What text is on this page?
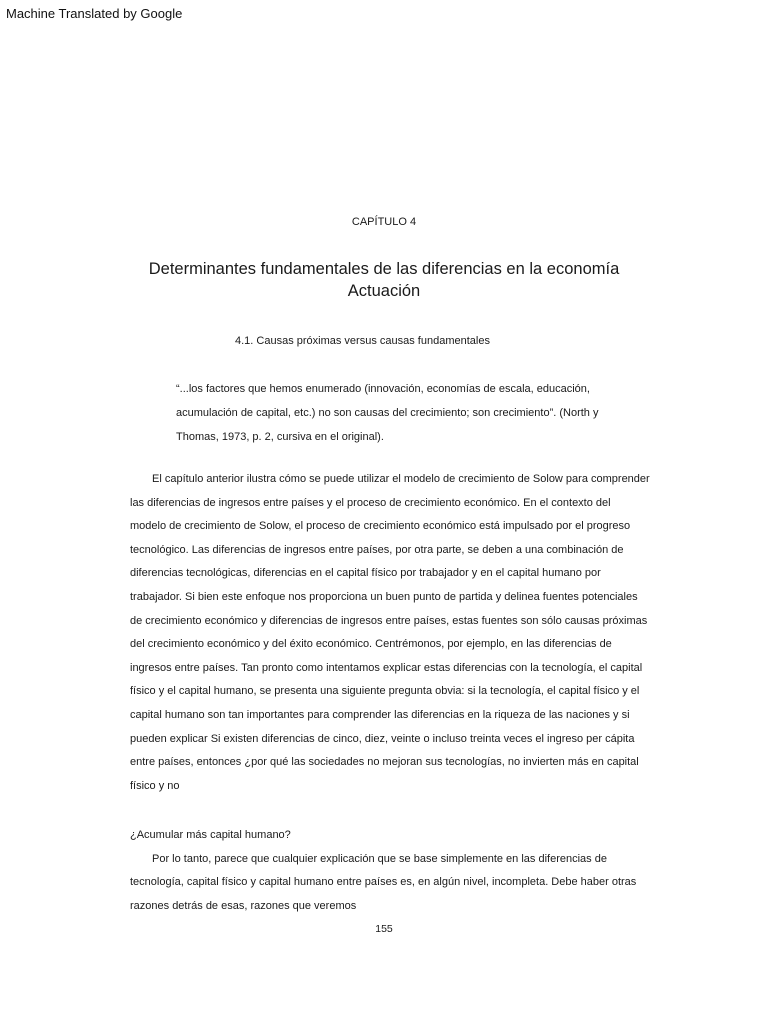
Machine Translated by Google
CAPÍTULO 4
Determinantes fundamentales de las diferencias en la economía
Actuación
4.1. Causas próximas versus causas fundamentales
“...los factores que hemos enumerado (innovación, economías de escala, educación,
acumulación de capital, etc.) no son causas del crecimiento; son crecimiento”. (North y
Thomas, 1973, p. 2, cursiva en el original).
El capítulo anterior ilustra cómo se puede utilizar el modelo de crecimiento de Solow para comprender
las diferencias de ingresos entre países y el proceso de crecimiento económico. En el contexto del
modelo de crecimiento de Solow, el proceso de crecimiento económico está impulsado por el progreso
tecnológico. Las diferencias de ingresos entre países, por otra parte, se deben a una combinación de
diferencias tecnológicas, diferencias en el capital físico por trabajador y en el capital humano por
trabajador. Si bien este enfoque nos proporciona un buen punto de partida y delinea fuentes potenciales
de crecimiento económico y diferencias de ingresos entre países, estas fuentes son sólo causas próximas
del crecimiento económico y del éxito económico. Centrémonos, por ejemplo, en las diferencias de
ingresos entre países. Tan pronto como intentamos explicar estas diferencias con la tecnología, el capital
físico y el capital humano, se presenta una siguiente pregunta obvia: si la tecnología, el capital físico y el
capital humano son tan importantes para comprender las diferencias en la riqueza de las naciones y si
pueden explicar Si existen diferencias de cinco, diez, veinte o incluso treinta veces el ingreso per cápita
entre países, entonces ¿por qué las sociedades no mejoran sus tecnologías, no invierten más en capital
físico y no
¿Acumular más capital humano?
Por lo tanto, parece que cualquier explicación que se base simplemente en las diferencias de
tecnología, capital físico y capital humano entre países es, en algún nivel, incompleta. Debe haber otras
razones detrás de esas, razones que veremos
155
